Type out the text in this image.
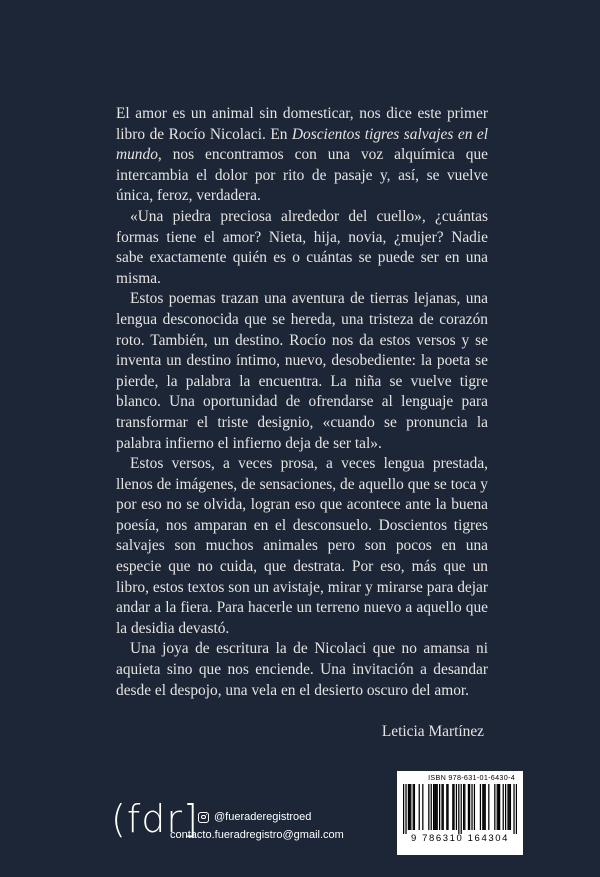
El amor es un animal sin domesticar, nos dice este primer libro de Rocío Nicolaci. En Doscientos tigres salvajes en el mundo, nos encontramos con una voz alquímica que intercambia el dolor por rito de pasaje y, así, se vuelve única, feroz, verdadera.

«Una piedra preciosa alrededor del cuello», ¿cuántas formas tiene el amor? Nieta, hija, novia, ¿mujer? Nadie sabe exactamente quién es o cuántas se puede ser en una misma.

Estos poemas trazan una aventura de tierras lejanas, una lengua desconocida que se hereda, una tristeza de corazón roto. También, un destino. Rocío nos da estos versos y se inventa un destino íntimo, nuevo, desobediente: la poeta se pierde, la palabra la encuentra. La niña se vuelve tigre blanco. Una oportunidad de ofrendarse al lenguaje para transformar el triste designio, «cuando se pronuncia la palabra infierno el infierno deja de ser tal».

Estos versos, a veces prosa, a veces lengua prestada, llenos de imágenes, de sensaciones, de aquello que se toca y por eso no se olvida, logran eso que acontece ante la buena poesía, nos amparan en el desconsuelo. Doscientos tigres salvajes son muchos animales pero son pocos en una especie que no cuida, que destrata. Por eso, más que un libro, estos textos son un avistaje, mirar y mirarse para dejar andar a la fiera. Para hacerle un terreno nuevo a aquello que la desidia devastó.

Una joya de escritura la de Nicolaci que no amansa ni aquieta sino que nos enciende. Una invitación a desandar desde el despojo, una vela en el desierto oscuro del amor.

Leticia Martínez
(fdr] @fueraderegistroed
contacto.fueradregistro@gmail.com
ISBN 978-631-01-6430-4
9 786310 164304
